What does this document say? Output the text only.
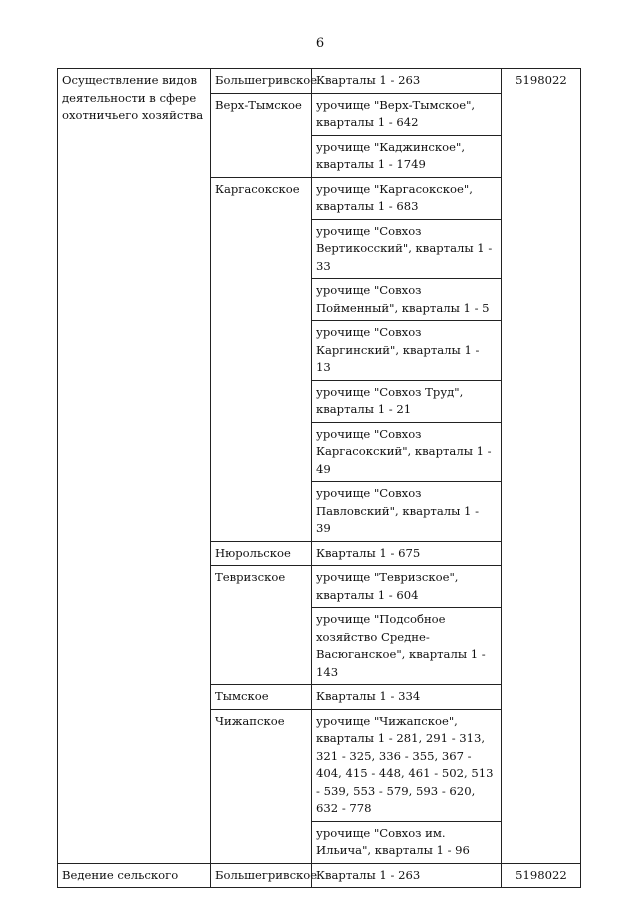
6
Осуществление видов деятельности в сфере охотничьего хозяйства	Большегривское	Кварталы 1 - 263	5198022
	Верх-Тымское	урочище "Верх-Тымское", кварталы 1 - 642	
		урочище "Каджинское", кварталы 1 - 1749	
	Каргасокское	урочище "Каргасокское", кварталы 1 - 683	
		урочище "Совхоз Вертикосский", кварталы 1 - 33	
		урочище "Совхоз Пойменный", кварталы 1 - 5	
		урочище "Совхоз Каргинский", кварталы 1 - 13	
		урочище "Совхоз Труд", кварталы 1 - 21	
		урочище "Совхоз Каргасокский", кварталы 1 - 49	
		урочище "Совхоз Павловский", кварталы 1 - 39	
	Нюрольское	Кварталы 1 - 675	
	Тевризское	урочище "Тевризское", кварталы 1 - 604	
		урочище "Подсобное хозяйство Средне-Васюганское", кварталы 1 - 143	
	Тымское	Кварталы 1 - 334	
	Чижапское	урочище "Чижапское", кварталы 1 - 281, 291 - 313, 321 - 325, 336 - 355, 367 - 404, 415 - 448, 461 - 502, 513 - 539, 553 - 579, 593 - 620, 632 - 778	
		урочище "Совхоз им. Ильича", кварталы 1 - 96	
Ведение сельского	Большегривское	Кварталы 1 - 263	5198022
